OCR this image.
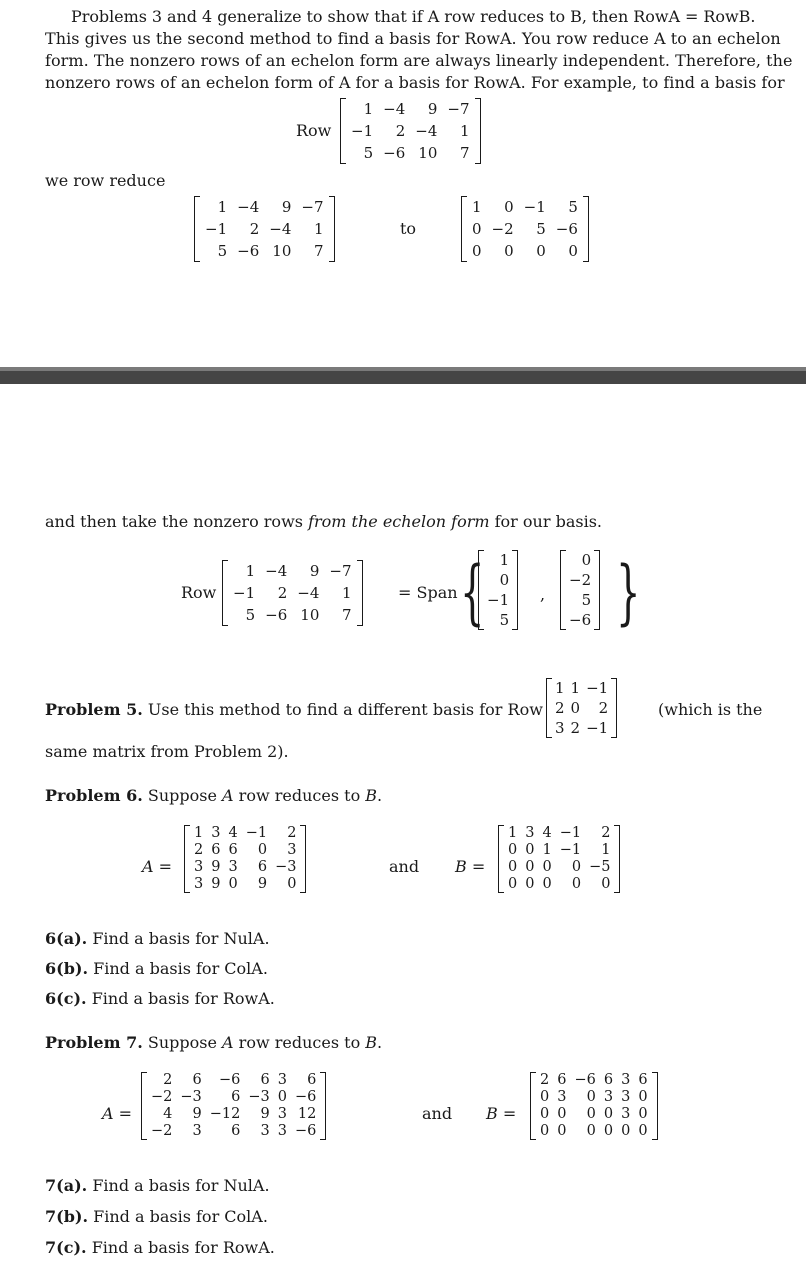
Problems 3 and 4 generalize to show that if A row reduces to B, then RowA = RowB.
This gives us the second method to find a basis for RowA. You row reduce A to an echelon
form. The nonzero rows of an echelon form are always linearly independent. Therefore, the
nonzero rows of an echelon form of A for a basis for RowA. For example, to find a basis for
Row
1	−4	9	−7
−1	2	−4	1
5	−6	10	7
we row reduce
1	−4	9	−7
−1	2	−4	1
5	−6	10	7
to
1	0	−1	5
0	−2	5	−6
0	0	0	0
and then take the nonzero rows from the echelon form for our basis.
Row
1	−4	9	−7
−1	2	−4	1
5	−6	10	7
= Span { 1
0
−1
5
,
0
−2
5
−6 }
Problem 5. Use this method to find a different basis for Row
1	1	−1
2	0	2
3	2	−1
(which is the
same matrix from Problem 2).
Problem 6. Suppose A row reduces to B.
A =
1	3	4	−1	2
2	6	6	0	3
3	9	3	6	−3
3	9	0	9	0
and B =
1	3	4	−1	2
0	0	1	−1	1
0	0	0	0	−5
0	0	0	0	0
6(a). Find a basis for NulA.
6(b). Find a basis for ColA.
6(c). Find a basis for RowA.
Problem 7. Suppose A row reduces to B.
A =
2	6	−6	6	3	6
−2	−3	6	−3	0	−6
4	9	−12	9	3	12
−2	3	6	3	3	−6
and B =
2	6	−6	6	3	6
0	3	0	3	3	0
0	0	0	0	3	0
0	0	0	0	0	0
7(a). Find a basis for NulA.
7(b). Find a basis for ColA.
7(c). Find a basis for RowA.
